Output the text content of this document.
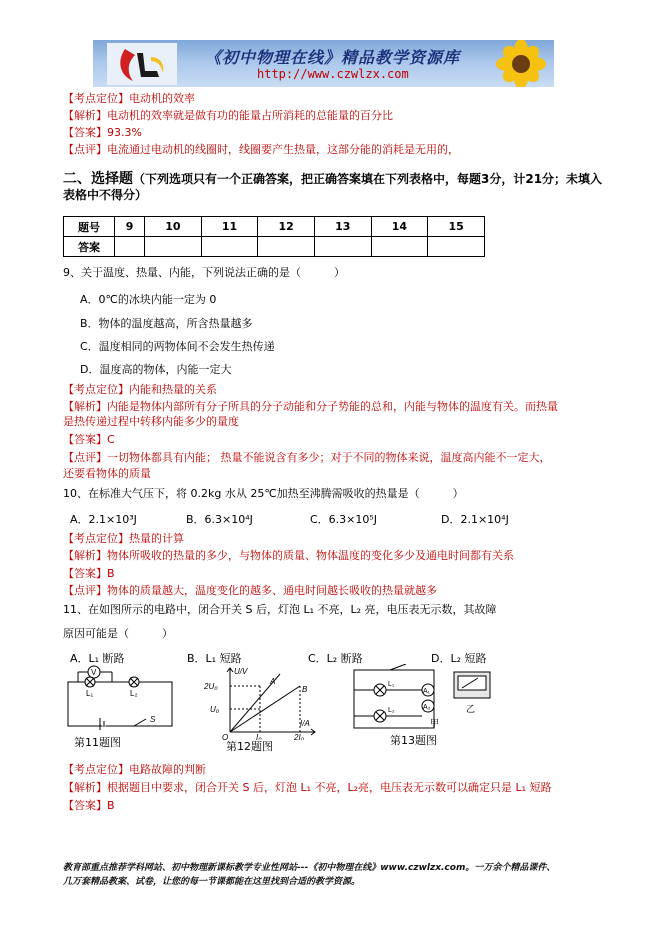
《初中物理在线》精品教学资源库
http://www.czwlzx.com
【考点定位】电动机的效率
【解析】电动机的效率就是做有功的能量占所消耗的总能量的百分比
【答案】93.3%
【点评】电流通过电动机的线圈时，线圈要产生热量，这部分能的消耗是无用的，
二、选择题（下列选项只有一个正确答案，把正确答案填在下列表格中，每题3分，计21分；未填入表格中不得分）
题号	9	10	11	12	13	14	15
答案							
9、关于温度、热量、内能，下列说法正确的是（　　　）
A．0℃的冰块内能一定为 0
B．物体的温度越高，所含热量越多
C．温度相同的两物体间不会发生热传递
D．温度高的物体，内能一定大
【考点定位】内能和热量的关系
【解析】内能是物体内部所有分子所具的分子动能和分子势能的总和，内能与物体的温度有关。而热量
是热传递过程中转移内能多少的量度
【答案】C
【点评】一切物体都具有内能； 热量不能说含有多少；对于不同的物体来说，温度高内能不一定大，
还要看物体的质量
10、在标准大气压下，将 0.2kg 水从 25℃加热至沸腾需吸收的热量是（　　　）
A．2.1×10³J	B．6.3×10⁴J	C．6.3×10⁵J	D．2.1×10⁴J
【考点定位】热量的计算
【解析】物体所吸收的热量的多少，与物体的质量、物体温度的变化多少及通电时间都有关系
【答案】B
【点评】物体的质量越大，温度变化的越多、通电时间越长吸收的热量就越多
11、在如图所示的电路中，闭合开关 S 后，灯泡 L₁ 不亮，L₂ 亮，电压表无示数，其故障
原因可能是（　　　）
A．L₁ 断路	B．L₁ 短路	C．L₂ 断路	D．L₂ 短路
V
L₁	L₂
S
第11题图
U/V
2U₀
U₀
O	I₀	2I₀
I/A
A
B
第12题图
L₁
L₂
A₁
A₂
甲
乙
第13题图
【考点定位】电路故障的判断
【解析】根据题目中要求，闭合开关 S 后，灯泡 L₁ 不亮，L₂亮，电压表无示数可以确定只是 L₁ 短路
【答案】B
教育部重点推荐学科网站、初中物理新课标教学专业性网站---《初中物理在线》www.czwlzx.com。一万余个精品课件、
几万套精品教案、试卷，让您的每一节课都能在这里找到合适的教学资源。
